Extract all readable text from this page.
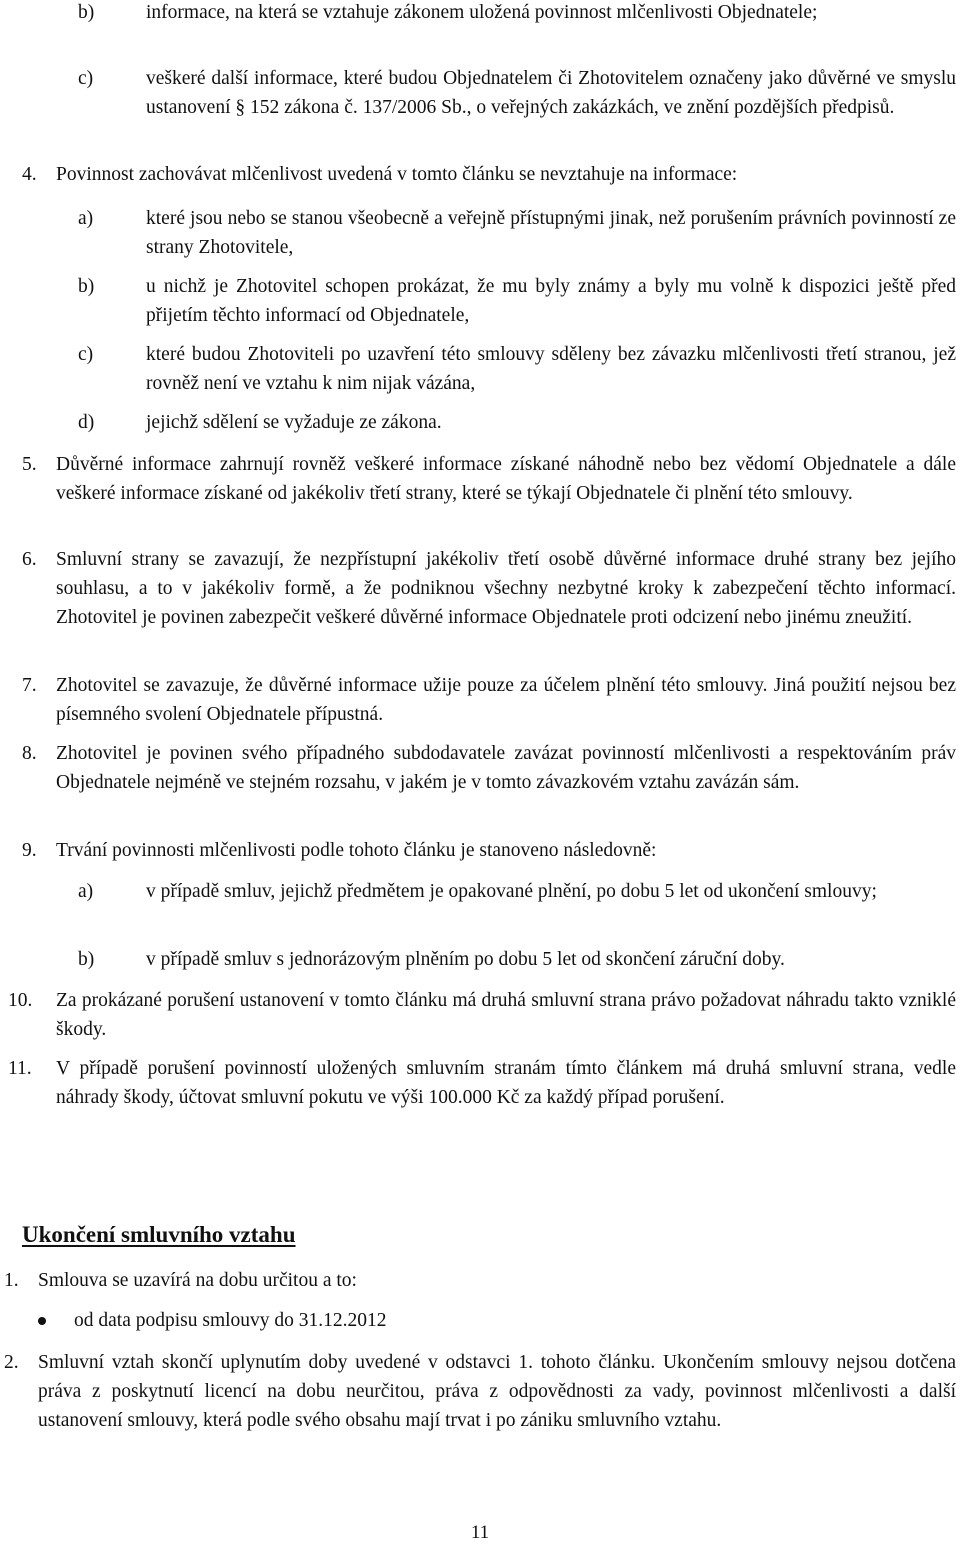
b)	informace, na která se vztahuje zákonem uložená povinnost mlčenlivosti Objednatele;
c)	veškeré další informace, které budou Objednatelem či Zhotovitelem označeny jako důvěrné ve smyslu ustanovení § 152 zákona č. 137/2006 Sb., o veřejných zakázkách, ve znění pozdějších předpisů.
4. Povinnost zachovávat mlčenlivost uvedená v tomto článku se nevztahuje na informace:
a)	které jsou nebo se stanou všeobecně a veřejně přístupnými jinak, než porušením právních povinností ze strany Zhotovitele,
b)	u nichž je Zhotovitel schopen prokázat, že mu byly známy a byly mu volně k dispozici ještě před přijetím těchto informací od Objednatele,
c)	které budou Zhotoviteli po uzavření této smlouvy sděleny bez závazku mlčenlivosti třetí stranou, jež rovněž není ve vztahu k nim nijak vázána,
d)	jejichž sdělení se vyžaduje ze zákona.
5. Důvěrné informace zahrnují rovněž veškeré informace získané náhodně nebo bez vědomí Objednatele a dále veškeré informace získané od jakékoliv třetí strany, které se týkají Objednatele či plnění této smlouvy.
6. Smluvní strany se zavazují, že nezpřístupní jakékoliv třetí osobě důvěrné informace druhé strany bez jejího souhlasu, a to v jakékoliv formě, a že podniknou všechny nezbytné kroky k zabezpečení těchto informací. Zhotovitel je povinen zabezpečit veškeré důvěrné informace Objednatele proti odcizení nebo jinému zneužití.
7. Zhotovitel se zavazuje, že důvěrné informace užije pouze za účelem plnění této smlouvy. Jiná použití nejsou bez písemného svolení Objednatele přípustná.
8. Zhotovitel je povinen svého případného subdodavatele zavázat povinností mlčenlivosti a respektováním práv Objednatele nejméně ve stejném rozsahu, v jakém je v tomto závazkovém vztahu zavázán sám.
9. Trvání povinnosti mlčenlivosti podle tohoto článku je stanoveno následovně:
a)	v případě smluv, jejichž předmětem je opakované plnění, po dobu 5 let od ukončení smlouvy;
b)	v případě smluv s jednorázovým plněním po dobu 5 let od skončení záruční doby.
10. Za prokázané porušení ustanovení v tomto článku má druhá smluvní strana právo požadovat náhradu takto vzniklé škody.
11. V případě porušení povinností uložených smluvním stranám tímto článkem má druhá smluvní strana, vedle náhrady škody, účtovat smluvní pokutu ve výši 100.000 Kč za každý případ porušení.
Ukončení smluvního vztahu
1. Smlouva se uzavírá na dobu určitou a to:
od data podpisu smlouvy do 31.12.2012
2. Smluvní vztah skončí uplynutím doby uvedené v odstavci 1. tohoto článku. Ukončením smlouvy nejsou dotčena práva z poskytnutí licencí na dobu neurčitou, práva z odpovědnosti za vady, povinnost mlčenlivosti a další ustanovení smlouvy, která podle svého obsahu mají trvat i po zániku smluvního vztahu.
11
